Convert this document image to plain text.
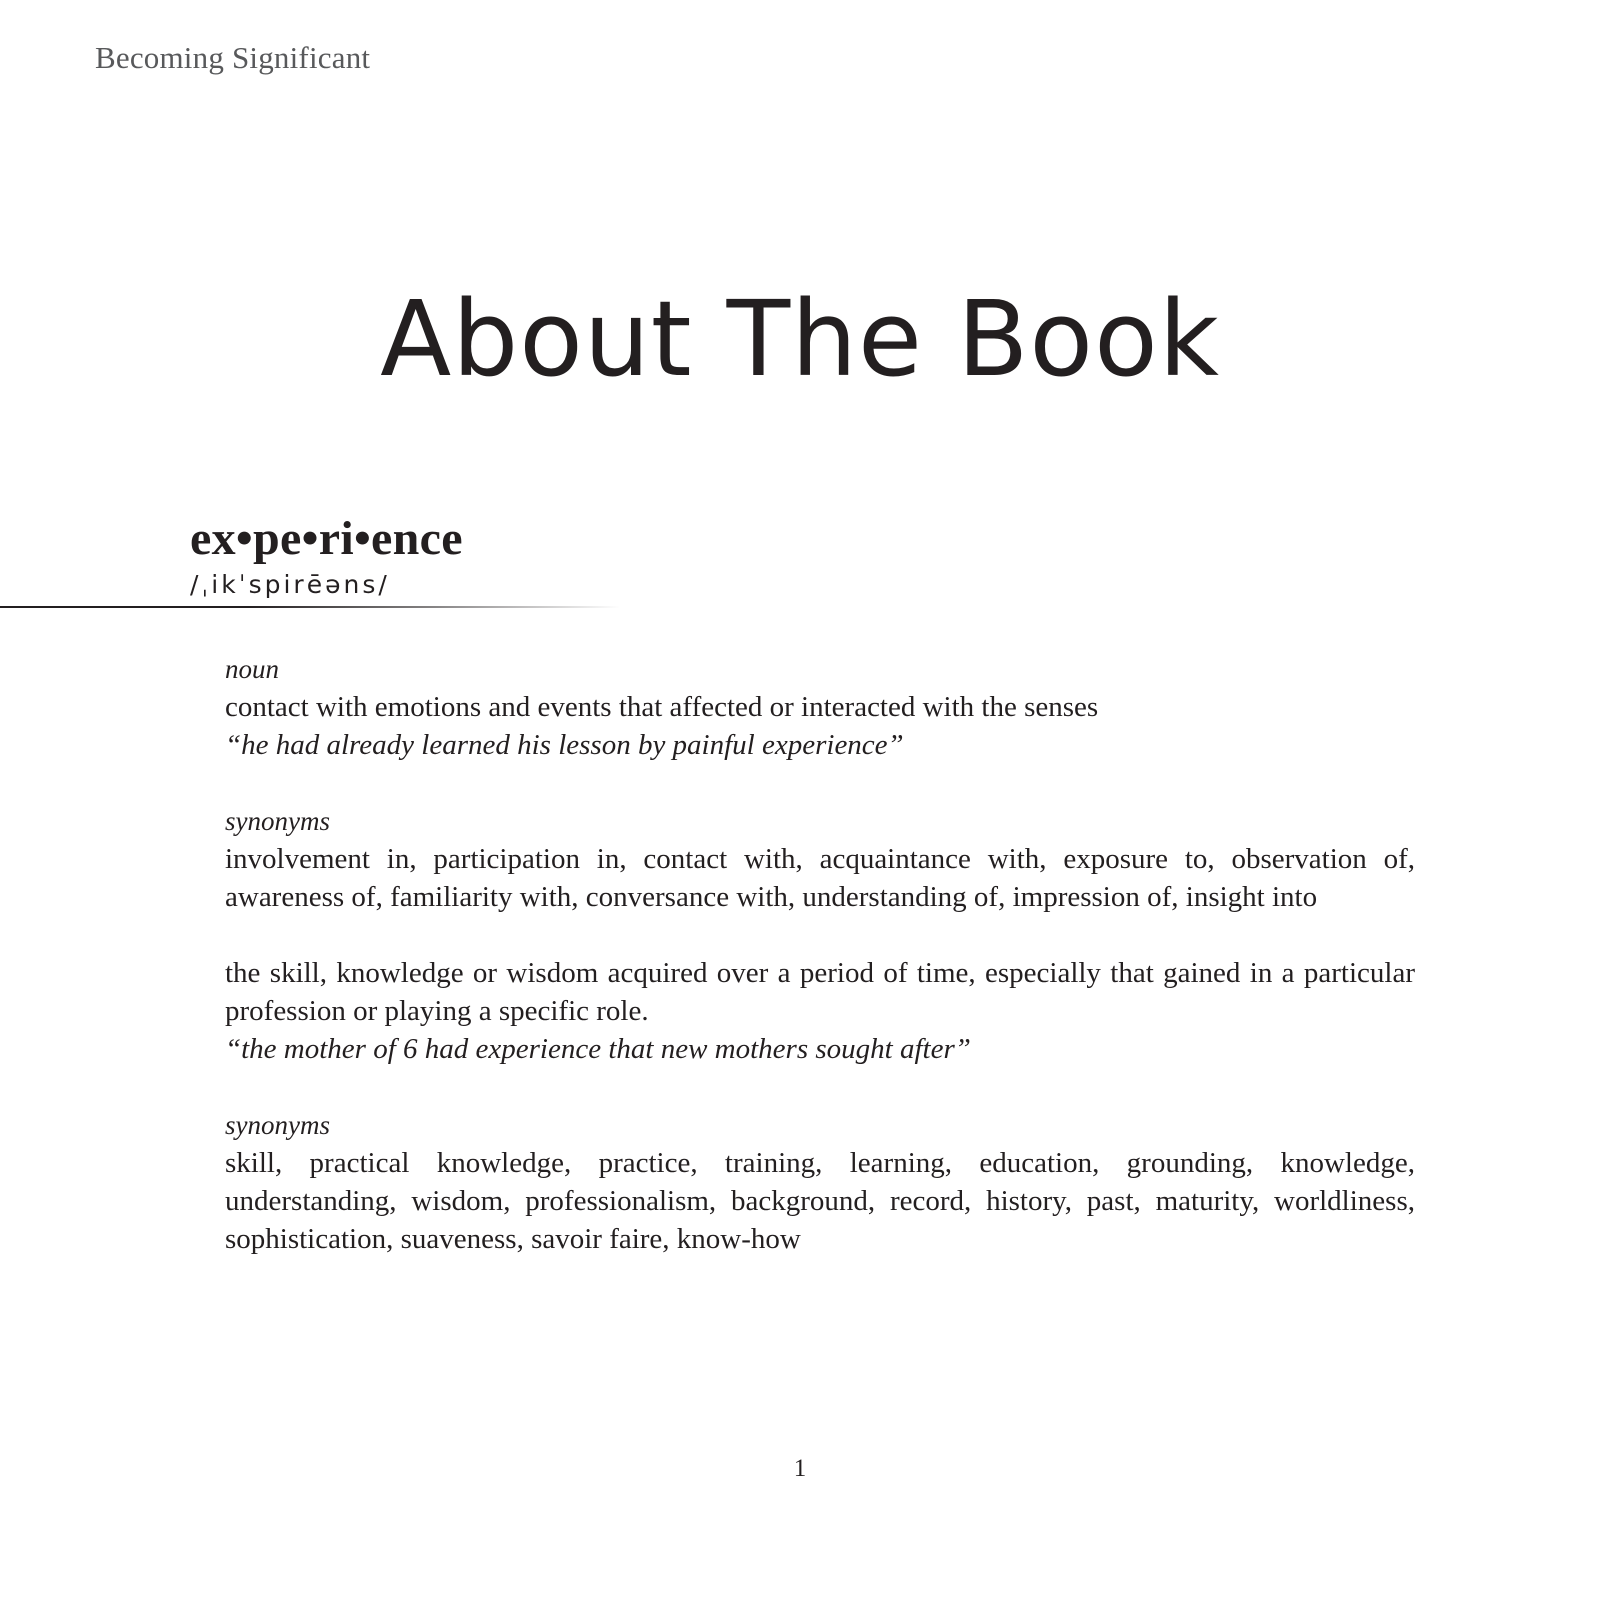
Becoming Significant
About The Book
ex•pe•ri•ence
/ˌikˈspirēəns/
noun
contact with emotions and events that affected or interacted with the senses
“he had already learned his lesson by painful experience”
synonyms
involvement in, participation in, contact with, acquaintance with, exposure to, observation of, awareness of, familiarity with, conversance with, understanding of, impression of, insight into
the skill, knowledge or wisdom acquired over a period of time, especially that gained in a particular profession or playing a specific role.
“the mother of 6 had experience that new mothers sought after”
synonyms
skill, practical knowledge, practice, training, learning, education, grounding, knowledge, understanding, wisdom, professionalism, background, record, history, past, maturity, worldliness, sophistication, suaveness, savoir faire, know-how
1
